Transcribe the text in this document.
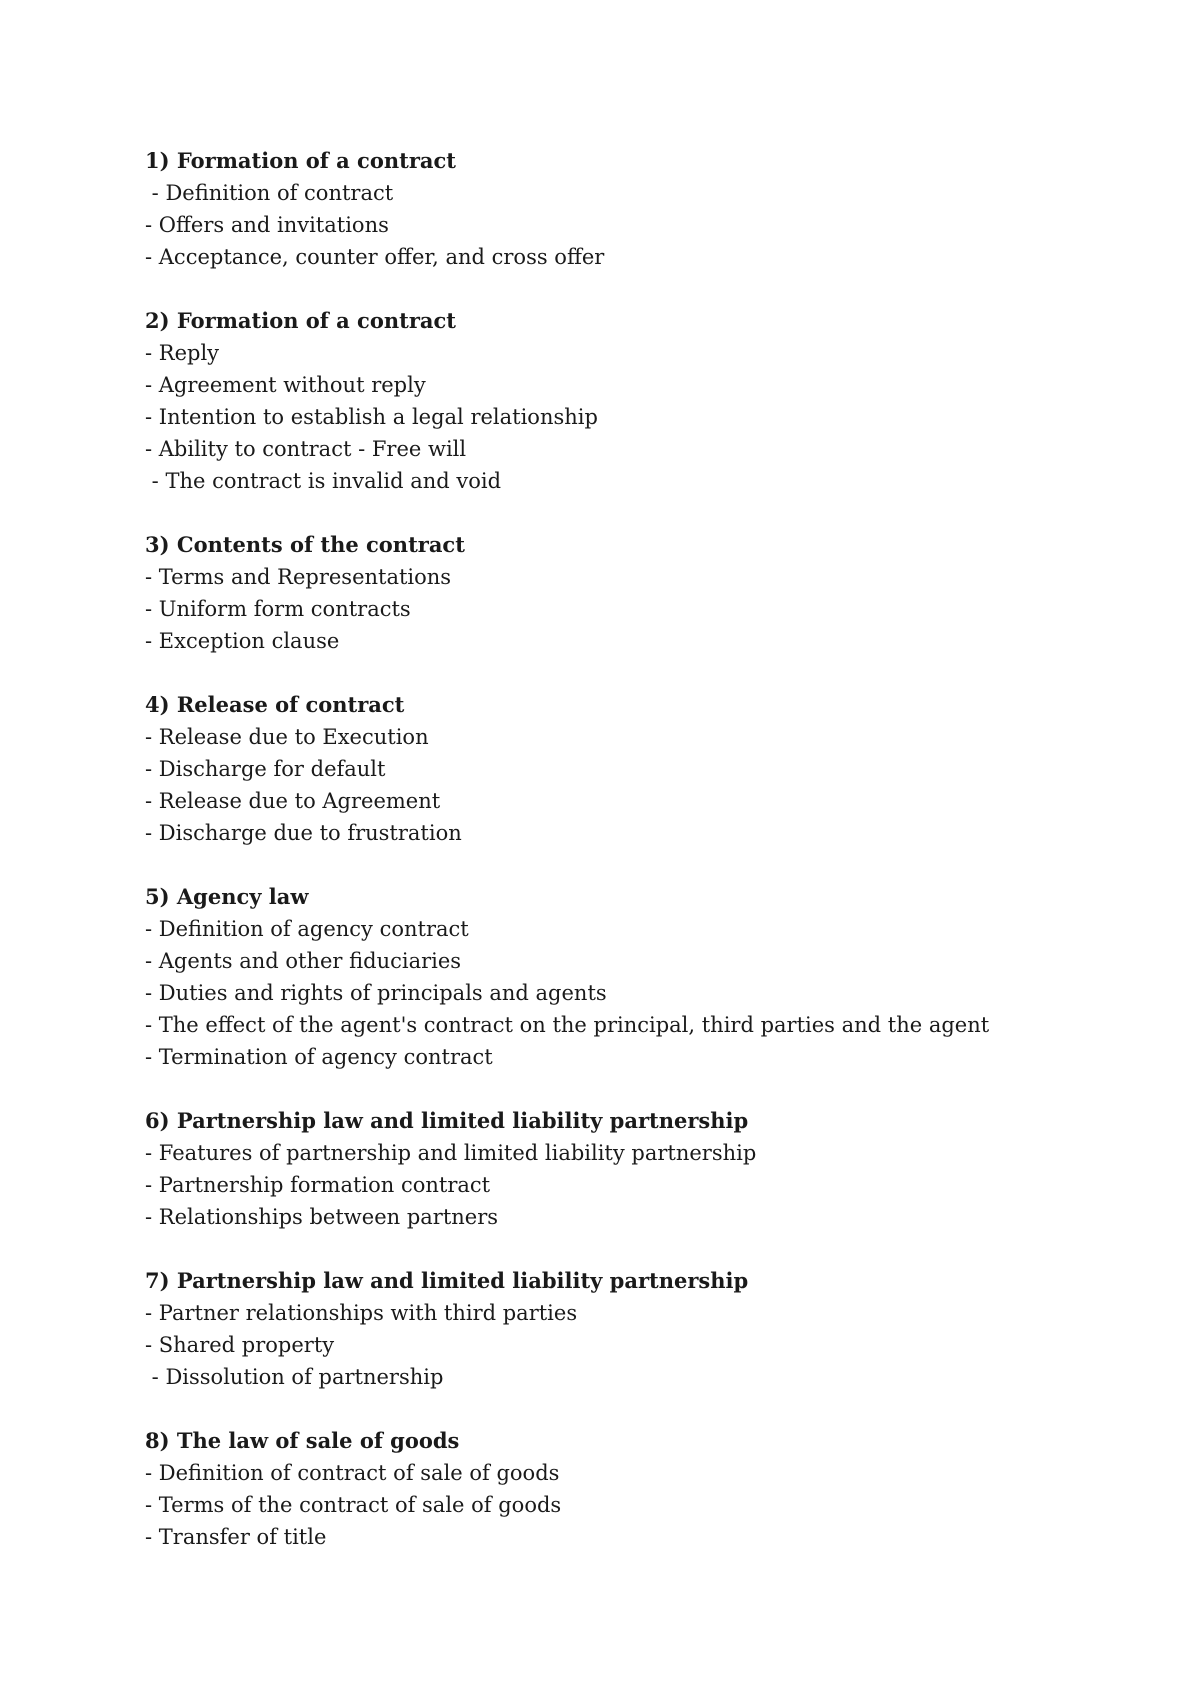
1) Formation of a contract
- Definition of contract
- Offers and invitations
- Acceptance, counter offer, and cross offer
2) Formation of a contract
- Reply
- Agreement without reply
- Intention to establish a legal relationship
- Ability to contract - Free will
- The contract is invalid and void
3) Contents of the contract
- Terms and Representations
- Uniform form contracts
- Exception clause
4) Release of contract
- Release due to Execution
- Discharge for default
- Release due to Agreement
- Discharge due to frustration
5) Agency law
- Definition of agency contract
- Agents and other fiduciaries
- Duties and rights of principals and agents
- The effect of the agent's contract on the principal, third parties and the agent
- Termination of agency contract
6) Partnership law and limited liability partnership
- Features of partnership and limited liability partnership
- Partnership formation contract
- Relationships between partners
7) Partnership law and limited liability partnership
- Partner relationships with third parties
- Shared property
- Dissolution of partnership
8) The law of sale of goods
- Definition of contract of sale of goods
- Terms of the contract of sale of goods
- Transfer of title
